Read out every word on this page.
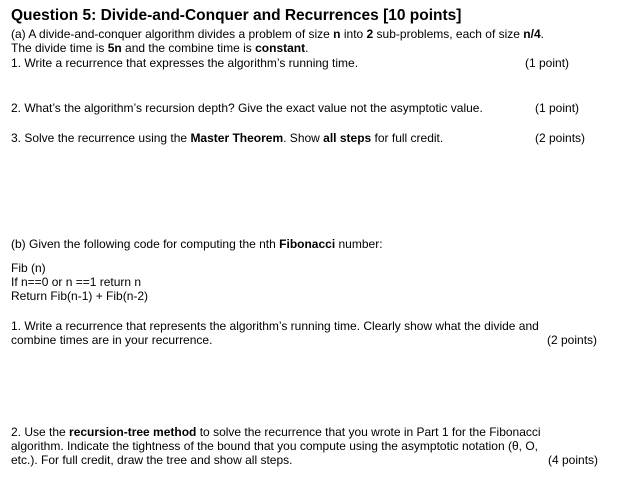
Question 5: Divide-and-Conquer and Recurrences [10 points]
(a) A divide-and-conquer algorithm divides a problem of size n into 2 sub-problems, each of size n/4.
The divide time is 5n and the combine time is constant.
1. Write a recurrence that expresses the algorithm’s running time.	(1 point)
2. What’s the algorithm’s recursion depth? Give the exact value not the asymptotic value.	(1 point)
3. Solve the recurrence using the Master Theorem. Show all steps for full credit.	(2 points)
(b) Given the following code for computing the nth Fibonacci number:
Fib (n)
If n==0 or n ==1 return n
Return Fib(n-1) + Fib(n-2)
1. Write a recurrence that represents the algorithm’s running time. Clearly show what the divide and
combine times are in your recurrence.	(2 points)
2. Use the recursion-tree method to solve the recurrence that you wrote in Part 1 for the Fibonacci
algorithm. Indicate the tightness of the bound that you compute using the asymptotic notation (θ, O,
etc.). For full credit, draw the tree and show all steps.	(4 points)
